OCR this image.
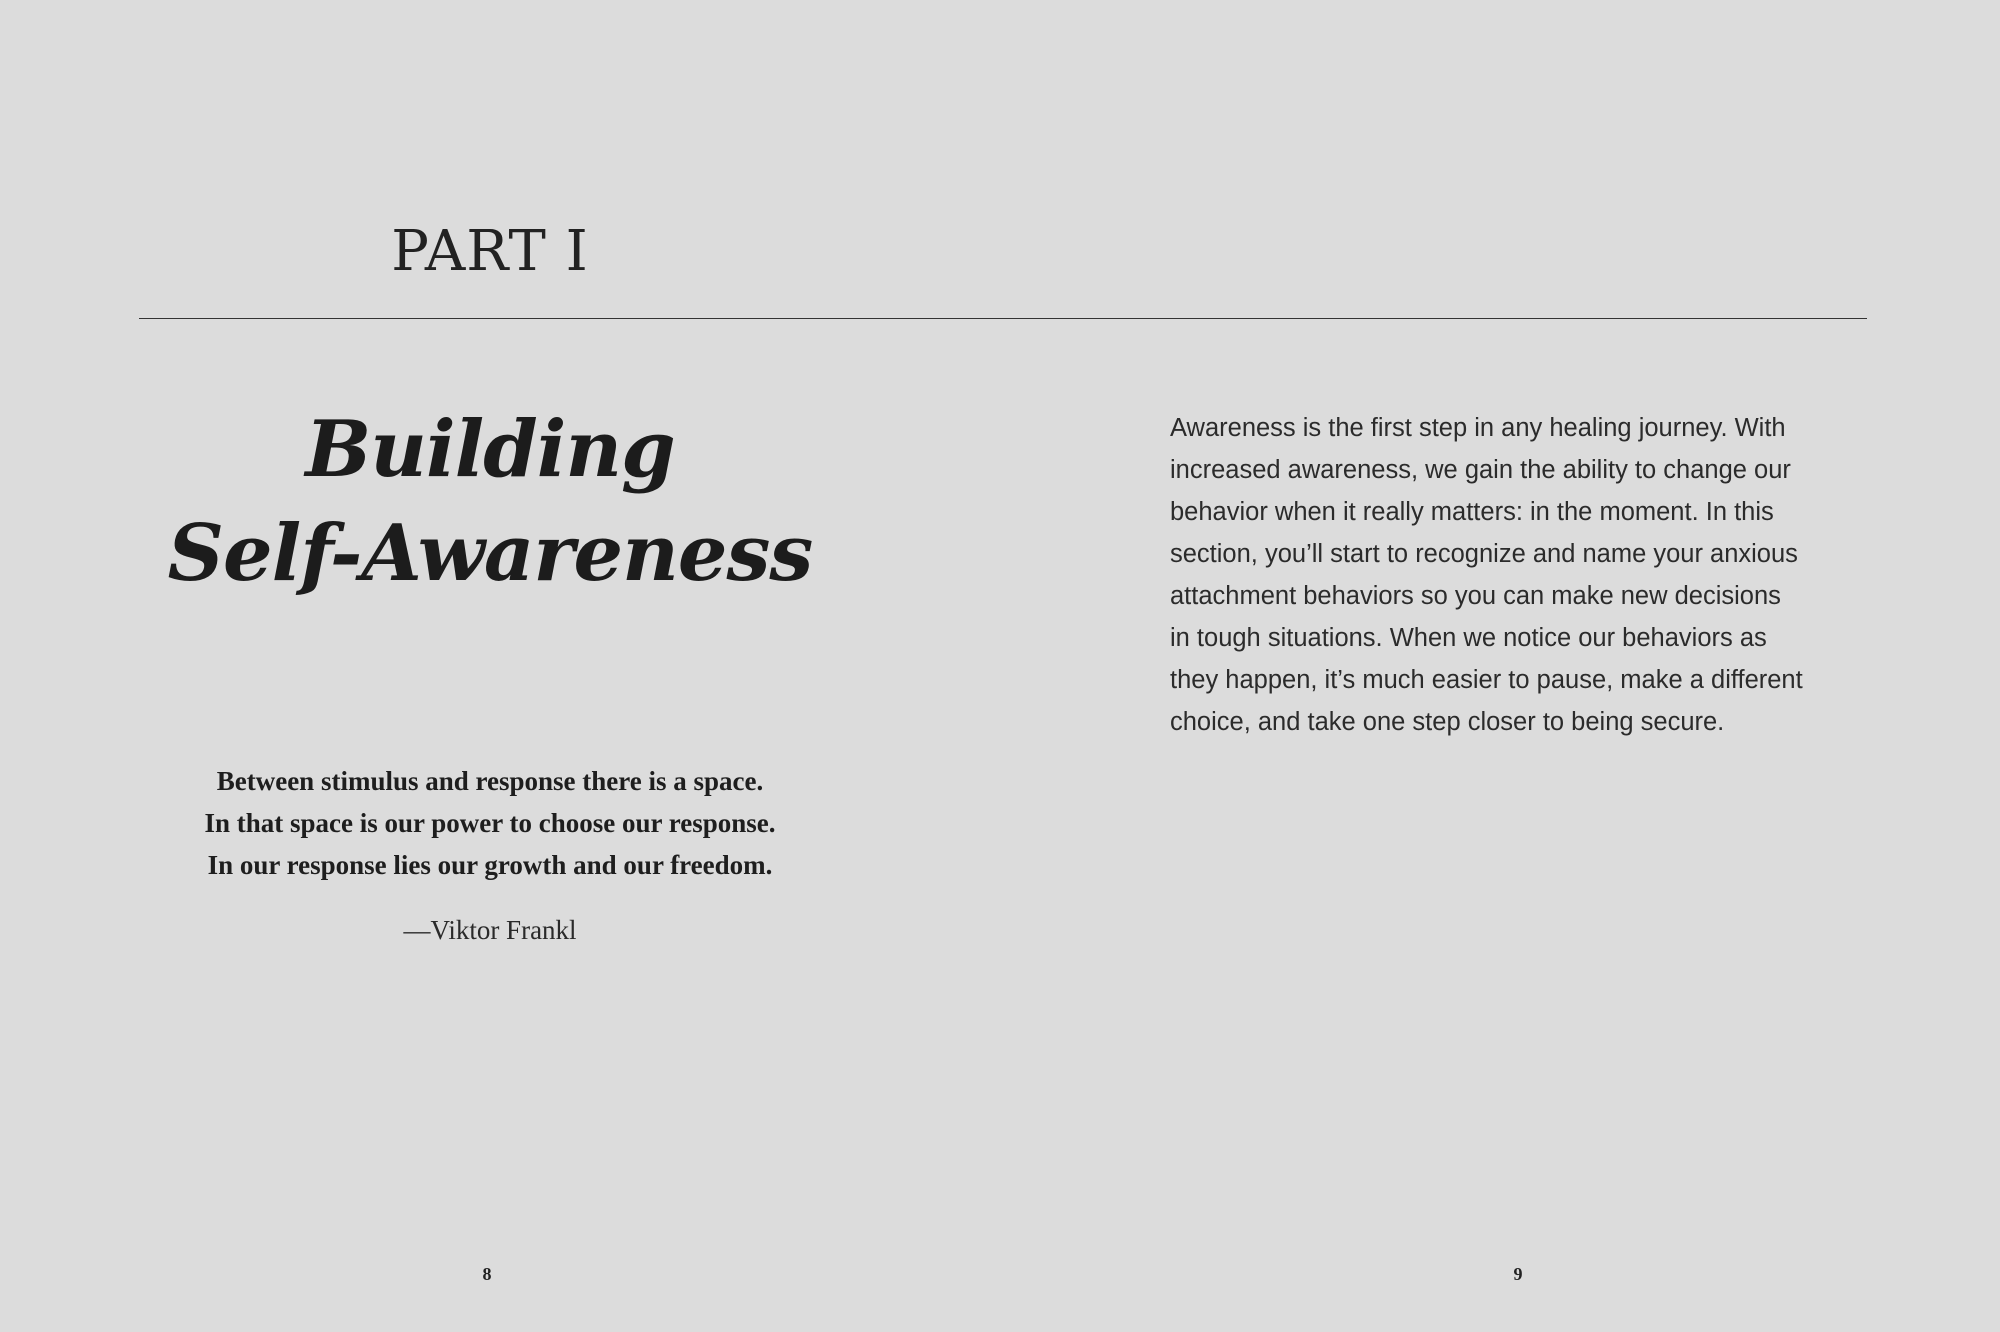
PART I
Building
Self-Awareness
Between stimulus and response there is a space.
In that space is our power to choose our response.
In our response lies our growth and our freedom.
—Viktor Frankl
8

Awareness is the first step in any healing journey. With
increased awareness, we gain the ability to change our
behavior when it really matters: in the moment. In this
section, you’ll start to recognize and name your anxious
attachment behaviors so you can make new decisions
in tough situations. When we notice our behaviors as
they happen, it’s much easier to pause, make a different
choice, and take one step closer to being secure.

9
